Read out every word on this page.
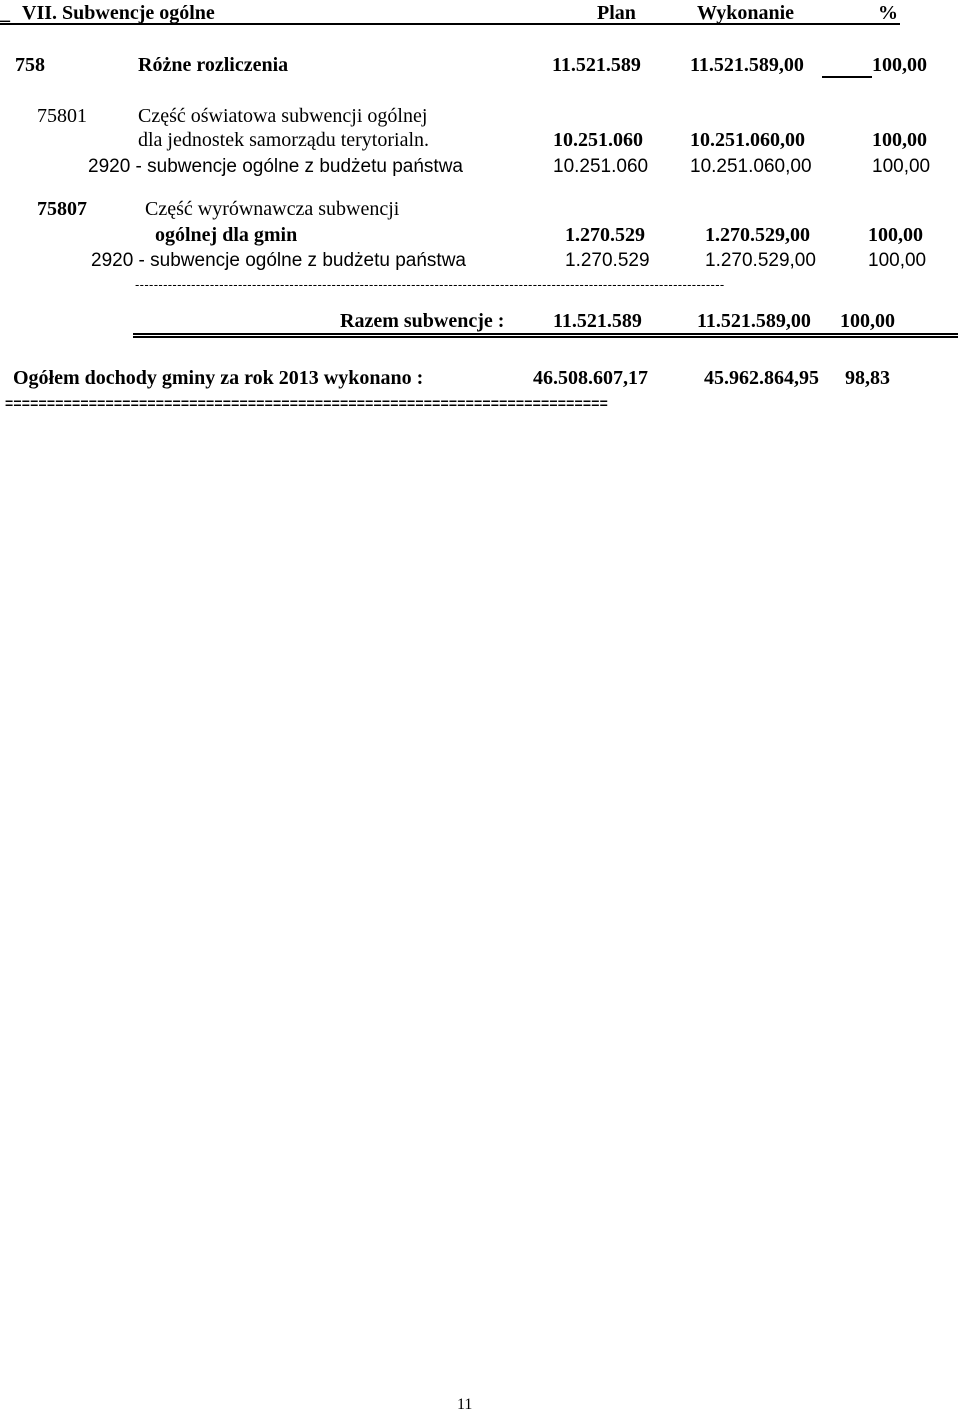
_ VII. Subwencje ogólne	Plan	Wykonanie	%
758	Różne rozliczenia	11.521.589 11.521.589,00	100,00
75801	Część oświatowa subwencji ogólnej
dla jednostek samorządu terytorialn.	10.251.060 10.251.060,00	100,00
2920 - subwencje ogólne z budżetu państwa	10.251.060 10.251.060,00	100,00
75807	Część wyrównawcza subwencji
ogólnej dla gmin	1.270.529	1.270.529,00	100,00
2920 - subwencje ogólne z budżetu państwa	1.270.529	1.270.529,00	100,00
------------------------------------------------------------------------------------------------------------------------------
Razem subwencje : 11.521.589	11.521.589,00 100,00
Ogółem dochody gminy za rok 2013 wykonano :	46.508.607,17	45.962.864,95 98,83
========================================================================
11
